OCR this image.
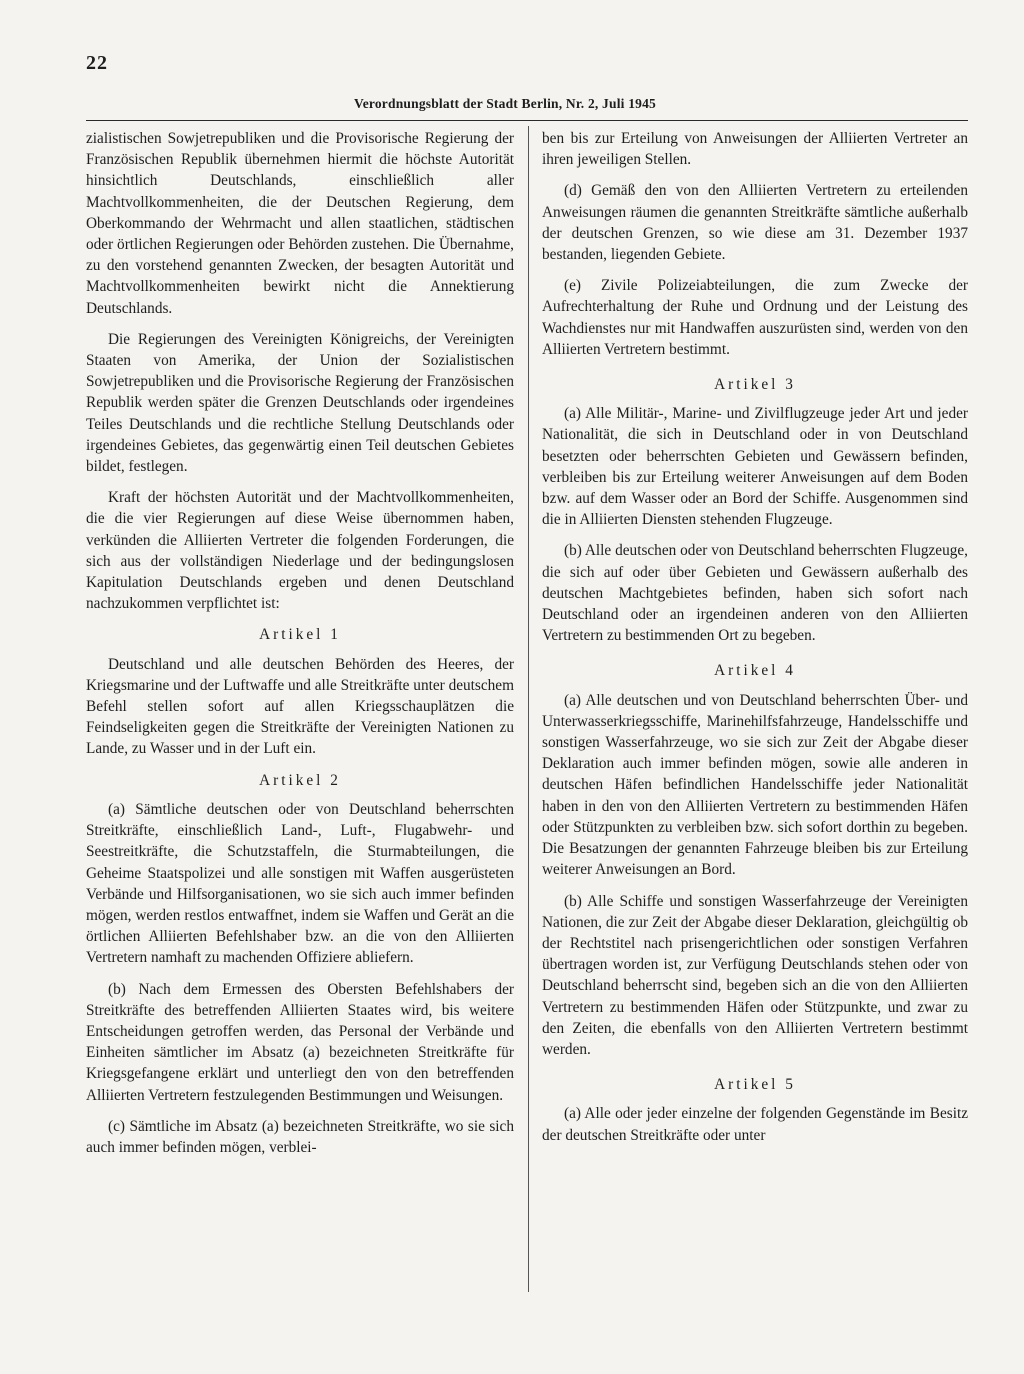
22
Verordnungsblatt der Stadt Berlin, Nr. 2, Juli 1945

zialistischen Sowjetrepubliken und die Provisorische Regierung der Französischen Republik übernehmen hiermit die höchste Autorität hinsichtlich Deutschlands, einschließlich aller Machtvollkommenheiten, die der Deutschen Regierung, dem Oberkommando der Wehrmacht und allen staatlichen, städtischen oder örtlichen Regierungen oder Behörden zustehen. Die Übernahme, zu den vorstehend genannten Zwecken, der besagten Autorität und Machtvollkommenheiten bewirkt nicht die Annektierung Deutschlands.

Die Regierungen des Vereinigten Königreichs, der Vereinigten Staaten von Amerika, der Union der Sozialistischen Sowjetrepubliken und die Provisorische Regierung der Französischen Republik werden später die Grenzen Deutschlands oder irgendeines Teiles Deutschlands und die rechtliche Stellung Deutschlands oder irgendeines Gebietes, das gegenwärtig einen Teil deutschen Gebietes bildet, festlegen.

Kraft der höchsten Autorität und der Machtvollkommenheiten, die die vier Regierungen auf diese Weise übernommen haben, verkünden die Alliierten Vertreter die folgenden Forderungen, die sich aus der vollständigen Niederlage und der bedingungslosen Kapitulation Deutschlands ergeben und denen Deutschland nachzukommen verpflichtet ist:

Artikel 1

Deutschland und alle deutschen Behörden des Heeres, der Kriegsmarine und der Luftwaffe und alle Streitkräfte unter deutschem Befehl stellen sofort auf allen Kriegsschauplätzen die Feindseligkeiten gegen die Streitkräfte der Vereinigten Nationen zu Lande, zu Wasser und in der Luft ein.

Artikel 2

(a) Sämtliche deutschen oder von Deutschland beherrschten Streitkräfte, einschließlich Land-, Luft-, Flugabwehr- und Seestreitkräfte, die Schutzstaffeln, die Sturmabteilungen, die Geheime Staatspolizei und alle sonstigen mit Waffen ausgerüsteten Verbände und Hilfsorganisationen, wo sie sich auch immer befinden mögen, werden restlos entwaffnet, indem sie Waffen und Gerät an die örtlichen Alliierten Befehlshaber bzw. an die von den Alliierten Vertretern namhaft zu machenden Offiziere abliefern.

(b) Nach dem Ermessen des Obersten Befehlshabers der Streitkräfte des betreffenden Alliierten Staates wird, bis weitere Entscheidungen getroffen werden, das Personal der Verbände und Einheiten sämtlicher im Absatz (a) bezeichneten Streitkräfte für Kriegsgefangene erklärt und unterliegt den von den betreffenden Alliierten Vertretern festzulegenden Bestimmungen und Weisungen.

(c) Sämtliche im Absatz (a) bezeichneten Streitkräfte, wo sie sich auch immer befinden mögen, verblei-

ben bis zur Erteilung von Anweisungen der Alliierten Vertreter an ihren jeweiligen Stellen.

(d) Gemäß den von den Alliierten Vertretern zu erteilenden Anweisungen räumen die genannten Streitkräfte sämtliche außerhalb der deutschen Grenzen, so wie diese am 31. Dezember 1937 bestanden, liegenden Gebiete.

(e) Zivile Polizeiabteilungen, die zum Zwecke der Aufrechterhaltung der Ruhe und Ordnung und der Leistung des Wachdienstes nur mit Handwaffen auszurüsten sind, werden von den Alliierten Vertretern bestimmt.

Artikel 3

(a) Alle Militär-, Marine- und Zivilflugzeuge jeder Art und jeder Nationalität, die sich in Deutschland oder in von Deutschland besetzten oder beherrschten Gebieten und Gewässern befinden, verbleiben bis zur Erteilung weiterer Anweisungen auf dem Boden bzw. auf dem Wasser oder an Bord der Schiffe. Ausgenommen sind die in Alliierten Diensten stehenden Flugzeuge.

(b) Alle deutschen oder von Deutschland beherrschten Flugzeuge, die sich auf oder über Gebieten und Gewässern außerhalb des deutschen Machtgebietes befinden, haben sich sofort nach Deutschland oder an irgendeinen anderen von den Alliierten Vertretern zu bestimmenden Ort zu begeben.

Artikel 4

(a) Alle deutschen und von Deutschland beherrschten Über- und Unterwasserkriegsschiffe, Marinehilfsfahrzeuge, Handelsschiffe und sonstigen Wasserfahrzeuge, wo sie sich zur Zeit der Abgabe dieser Deklaration auch immer befinden mögen, sowie alle anderen in deutschen Häfen befindlichen Handelsschiffe jeder Nationalität haben in den von den Alliierten Vertretern zu bestimmenden Häfen oder Stützpunkten zu verbleiben bzw. sich sofort dorthin zu begeben. Die Besatzungen der genannten Fahrzeuge bleiben bis zur Erteilung weiterer Anweisungen an Bord.

(b) Alle Schiffe und sonstigen Wasserfahrzeuge der Vereinigten Nationen, die zur Zeit der Abgabe dieser Deklaration, gleichgültig ob der Rechtstitel nach prisengerichtlichen oder sonstigen Verfahren übertragen worden ist, zur Verfügung Deutschlands stehen oder von Deutschland beherrscht sind, begeben sich an die von den Alliierten Vertretern zu bestimmenden Häfen oder Stützpunkte, und zwar zu den Zeiten, die ebenfalls von den Alliierten Vertretern bestimmt werden.

Artikel 5

(a) Alle oder jeder einzelne der folgenden Gegenstände im Besitz der deutschen Streitkräfte oder unter
